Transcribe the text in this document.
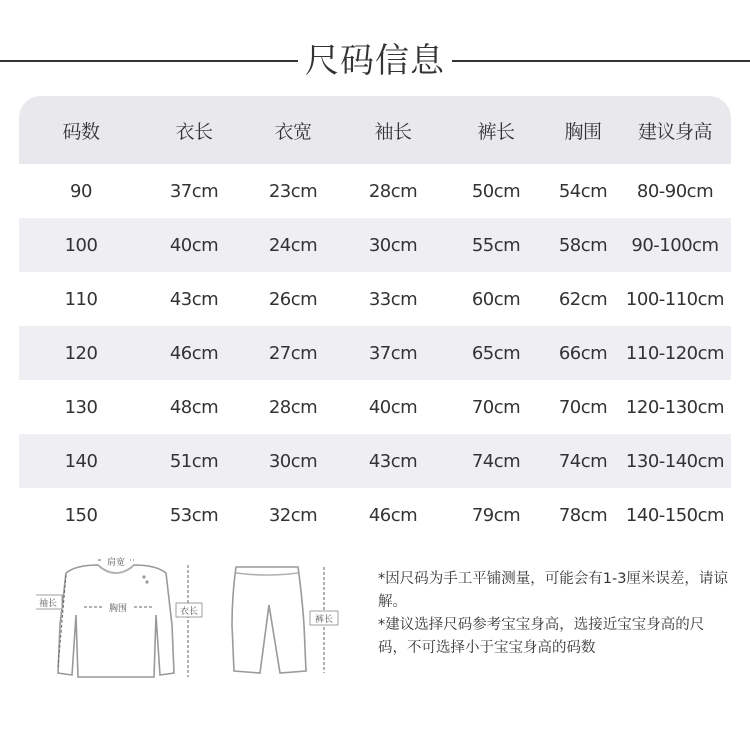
尺码信息
码数	衣长	衣宽	袖长	裤长	胸围	建议身高
90	37cm	23cm	28cm	50cm	54cm	80-90cm
100	40cm	24cm	30cm	55cm	58cm	90-100cm
110	43cm	26cm	33cm	60cm	62cm	100-110cm
120	46cm	27cm	37cm	65cm	66cm	110-120cm
130	48cm	28cm	40cm	70cm	70cm	120-130cm
140	51cm	30cm	43cm	74cm	74cm	130-140cm
150	53cm	32cm	46cm	79cm	78cm	140-150cm
肩宽
胸围
袖长
衣长
裤长

*因尺码为手工平铺测量，可能会有1-3厘米误差，请谅解。

*建议选择尺码参考宝宝身高，选接近宝宝身高的尺码，不可选择小于宝宝身高的码数
